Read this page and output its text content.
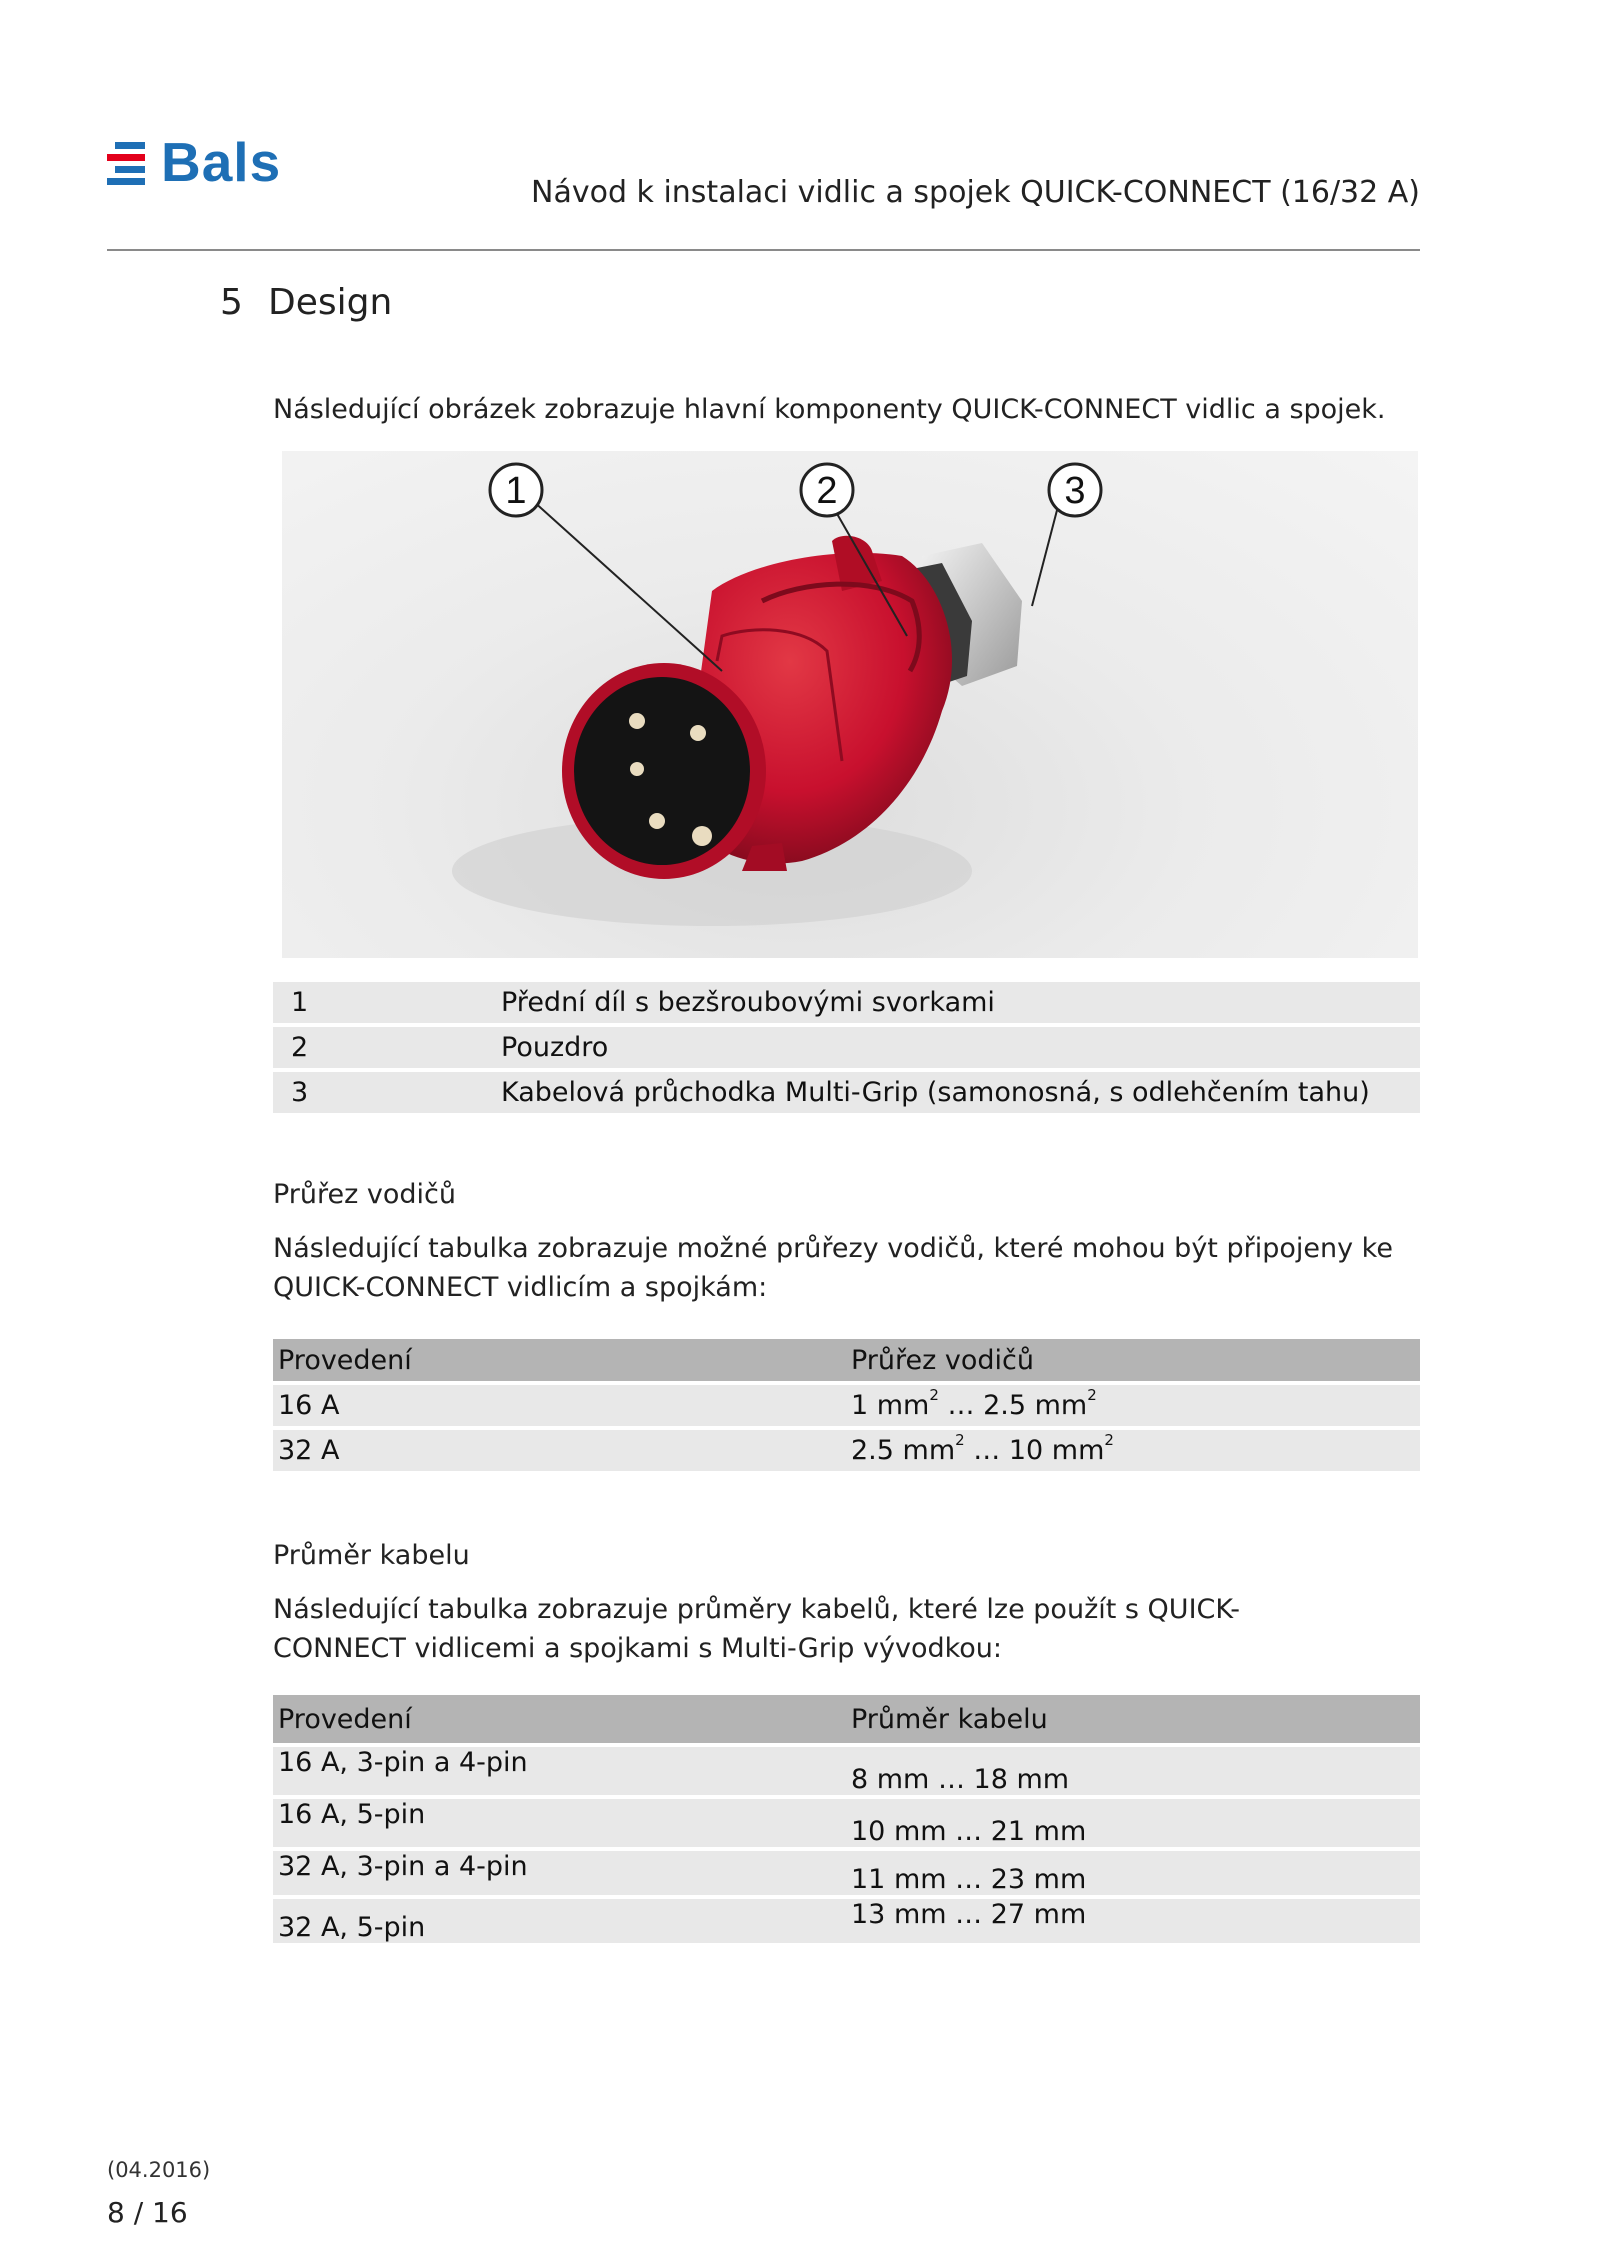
Bals	Návod k instalaci vidlic a spojek QUICK-CONNECT (16/32 A)
5 Design
Následující obrázek zobrazuje hlavní komponenty QUICK-CONNECT vidlic a spojek.
1	2	3
1	Přední díl s bezšroubovými svorkami
2	Pouzdro
3	Kabelová průchodka Multi-Grip (samonosná, s odlehčením tahu)
Průřez vodičů
Následující tabulka zobrazuje možné průřezy vodičů, které mohou být připojeny ke QUICK-CONNECT vidlicím a spojkám:
Provedení	Průřez vodičů
16 A	1 $mm^2$ … 2.5 $mm^2$
32 A	2.5 $mm^2$ … 10 $mm^2$
Průměr kabelu
Následující tabulka zobrazuje průměry kabelů, které lze použít s QUICK-CONNECT vidlicemi a spojkami s Multi-Grip vývodkou:
Provedení	Průměr kabelu
16 A, 3-pin a 4-pin	8 mm … 18 mm
16 A, 5-pin	10 mm … 21 mm
32 A, 3-pin a 4-pin	11 mm … 23 mm
32 A, 5-pin	13 mm … 27 mm
(04.2016)
8 / 16
